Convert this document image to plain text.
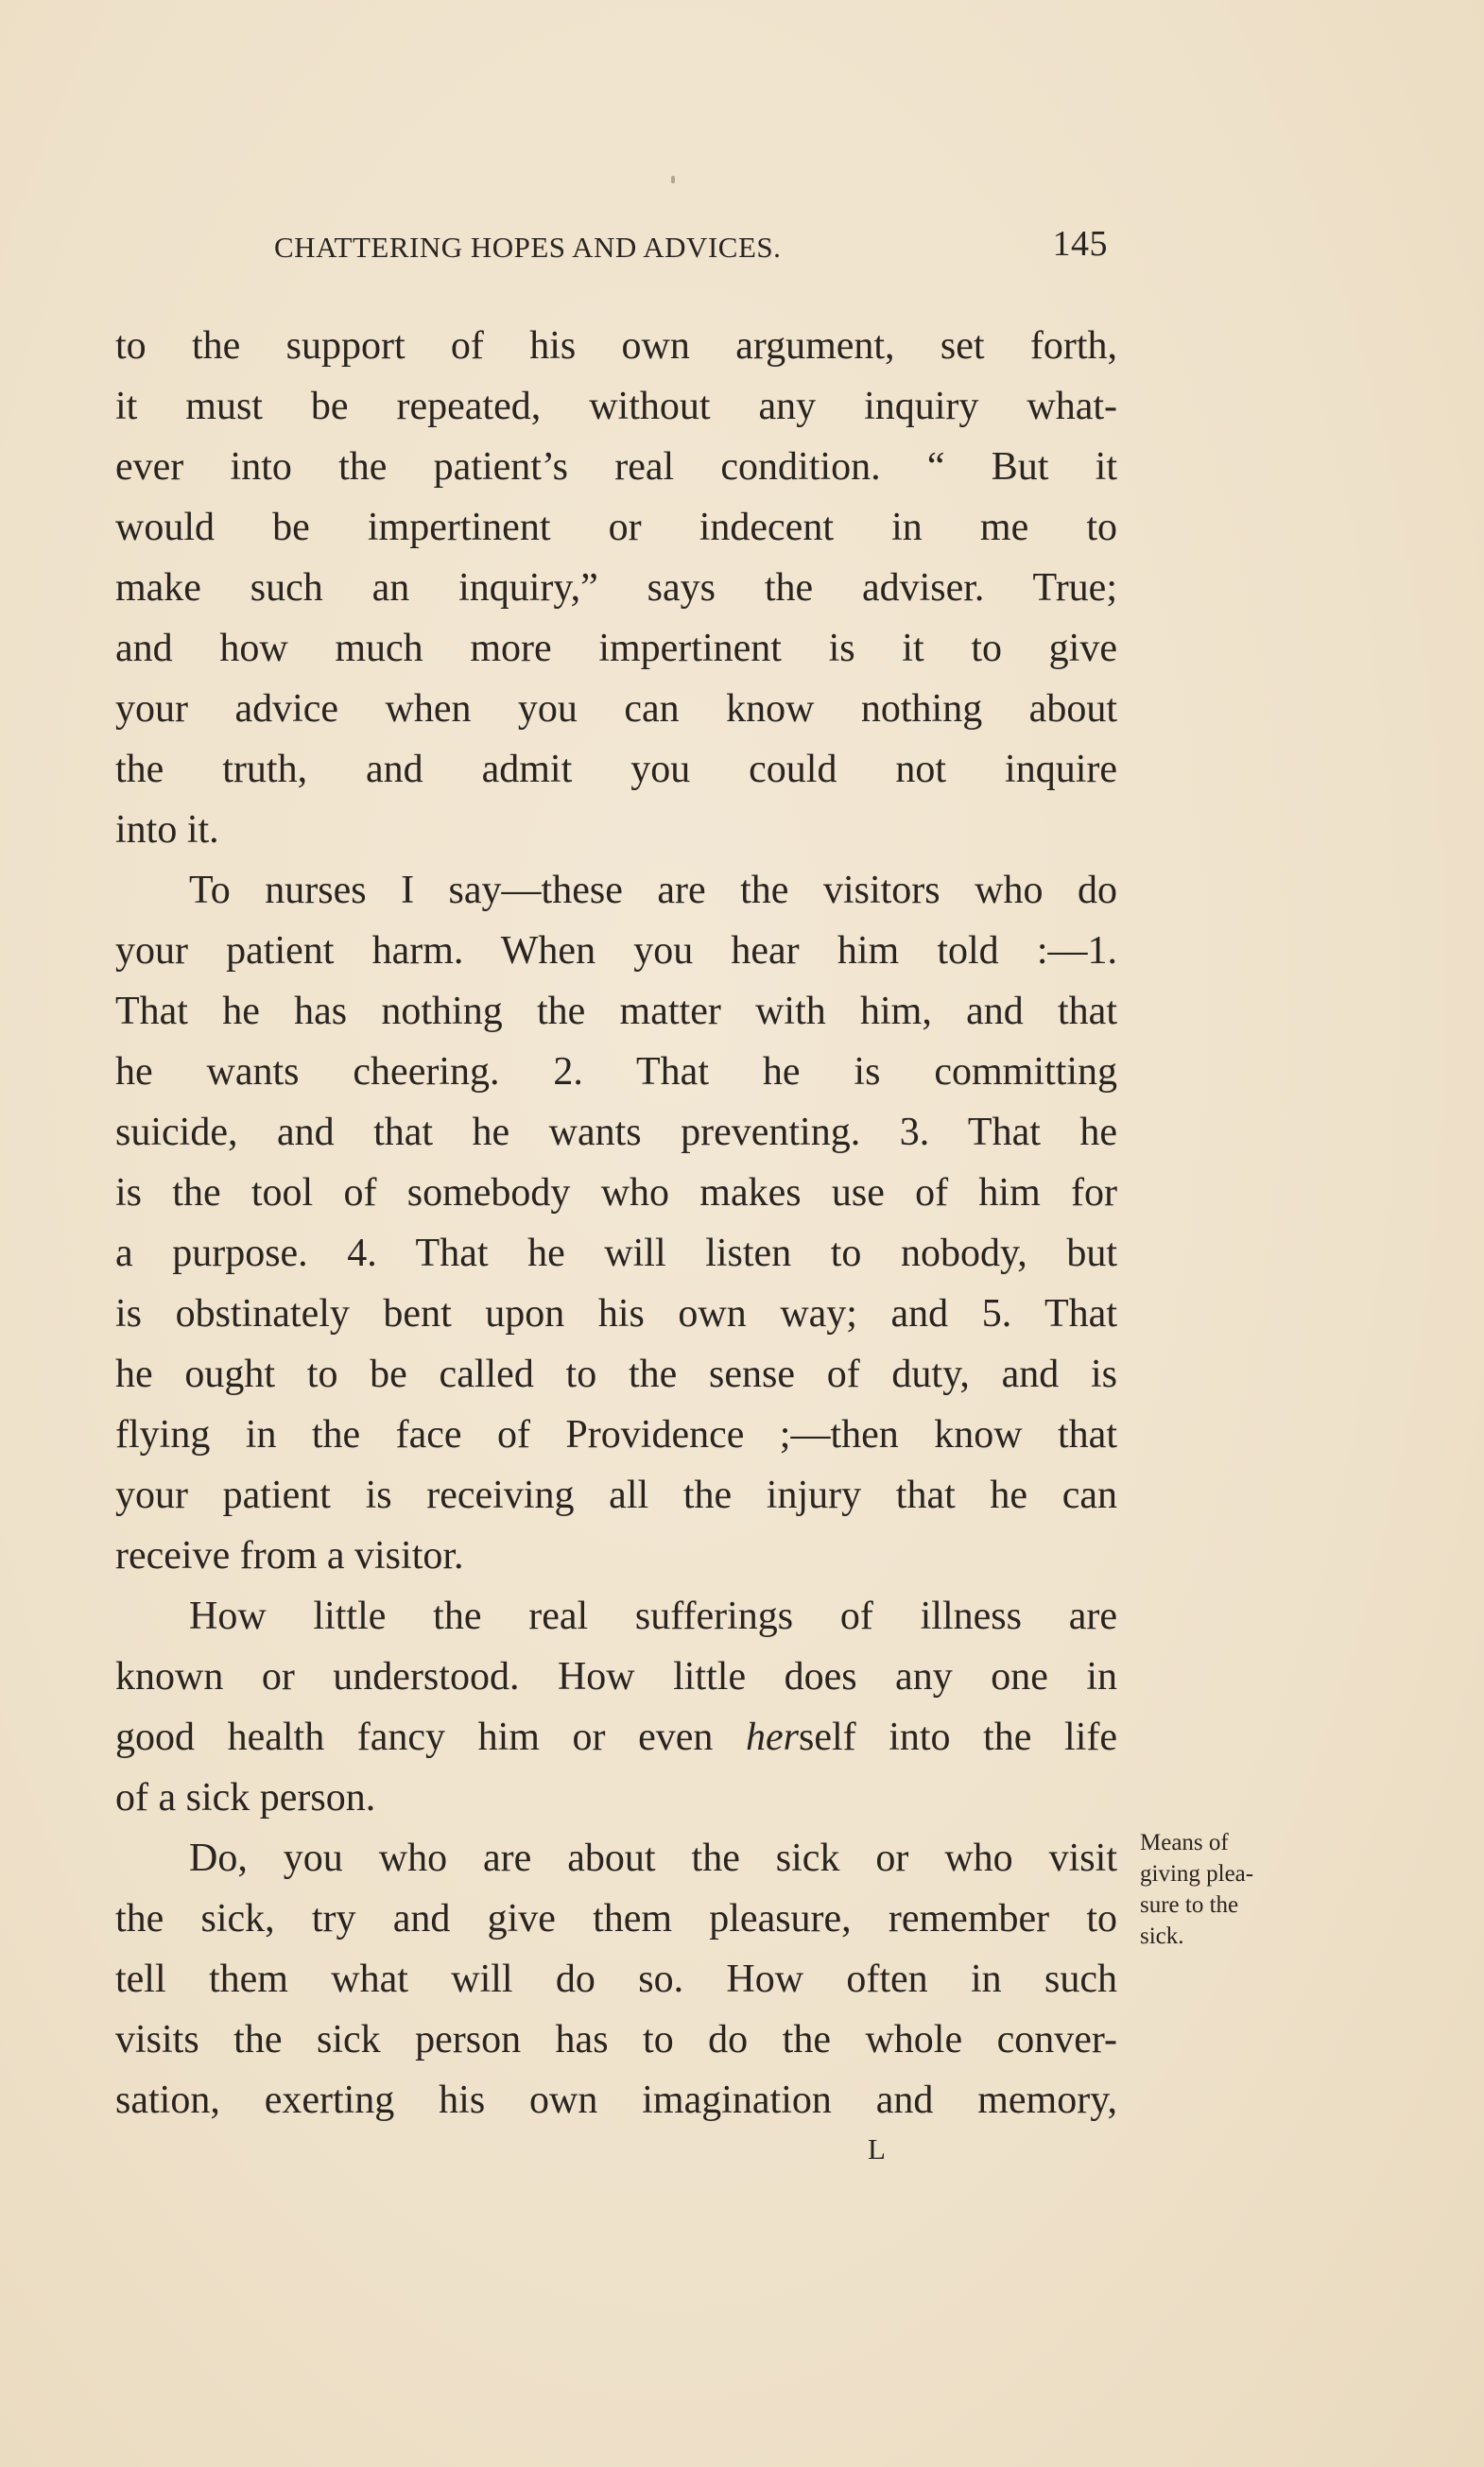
CHATTERING HOPES AND ADVICES.	145
to the support of his own argument, set forth,
it must be repeated, without any inquiry what-
ever into the patient’s real condition. “ But it
would be impertinent or indecent in me to
make such an inquiry,” says the adviser. True;
and how much more impertinent is it to give
your advice when you can know nothing about
the truth, and admit you could not inquire
into it.
To nurses I say—these are the visitors who do
your patient harm. When you hear him told :—1.
That he has nothing the matter with him, and that
he wants cheering. 2. That he is committing
suicide, and that he wants preventing. 3. That he
is the tool of somebody who makes use of him for
a purpose. 4. That he will listen to nobody, but
is obstinately bent upon his own way; and 5. That
he ought to be called to the sense of duty, and is
flying in the face of Providence ;—then know that
your patient is receiving all the injury that he can
receive from a visitor.
How little the real sufferings of illness are
known or understood. How little does any one in
good health fancy him or even herself into the life
of a sick person.
Do, you who are about the sick or who visit
the sick, try and give them pleasure, remember to
tell them what will do so. How often in such
visits the sick person has to do the whole conver-
sation, exerting his own imagination and memory,
Means of
giving plea-
sure to the
sick.
L
